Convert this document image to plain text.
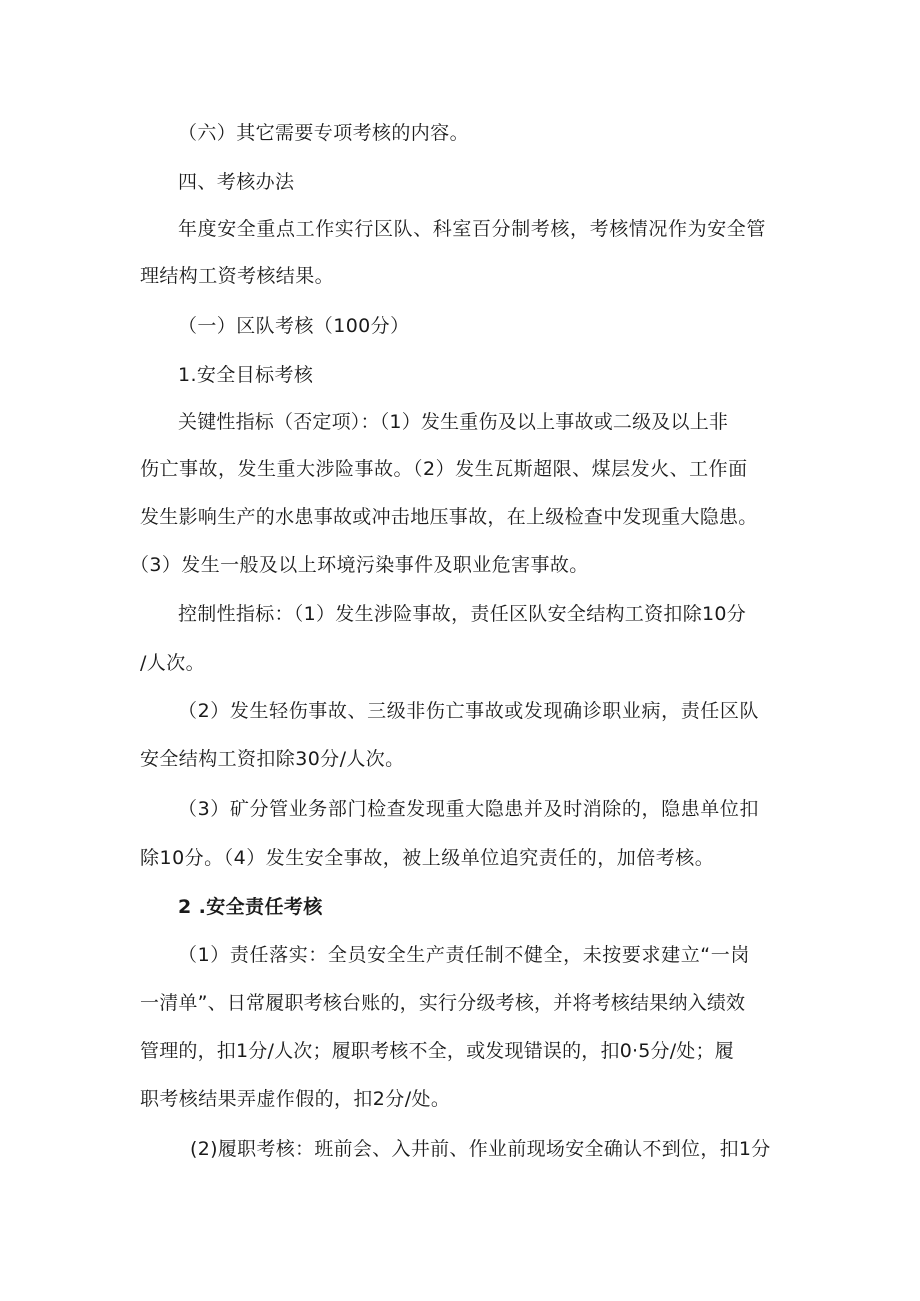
（六）其它需要专项考核的内容。

四、考核办法

年度安全重点工作实行区队、科室百分制考核，考核情况作为安全管

理结构工资考核结果。

（一）区队考核（100分）

1.安全目标考核

关键性指标（否定项）：（1）发生重伤及以上事故或二级及以上非

伤亡事故，发生重大涉险事故。（2）发生瓦斯超限、煤层发火、工作面

发生影响生产的水患事故或冲击地压事故，在上级检查中发现重大隐患。

（3）发生一般及以上环境污染事件及职业危害事故。

控制性指标：（1）发生涉险事故，责任区队安全结构工资扣除10分

/人次。

（2）发生轻伤事故、三级非伤亡事故或发现确诊职业病，责任区队

安全结构工资扣除30分/人次。

（3）矿分管业务部门检查发现重大隐患并及时消除的，隐患单位扣

除10分。（4）发生安全事故，被上级单位追究责任的，加倍考核。

2 .安全责任考核

（1）责任落实：全员安全生产责任制不健全，未按要求建立“一岗

一清单”、日常履职考核台账的，实行分级考核，并将考核结果纳入绩效

管理的，扣1分/人次；履职考核不全，或发现错误的，扣0·5分/处；履

职考核结果弄虚作假的，扣2分/处。

(2)履职考核：班前会、入井前、作业前现场安全确认不到位，扣1分
